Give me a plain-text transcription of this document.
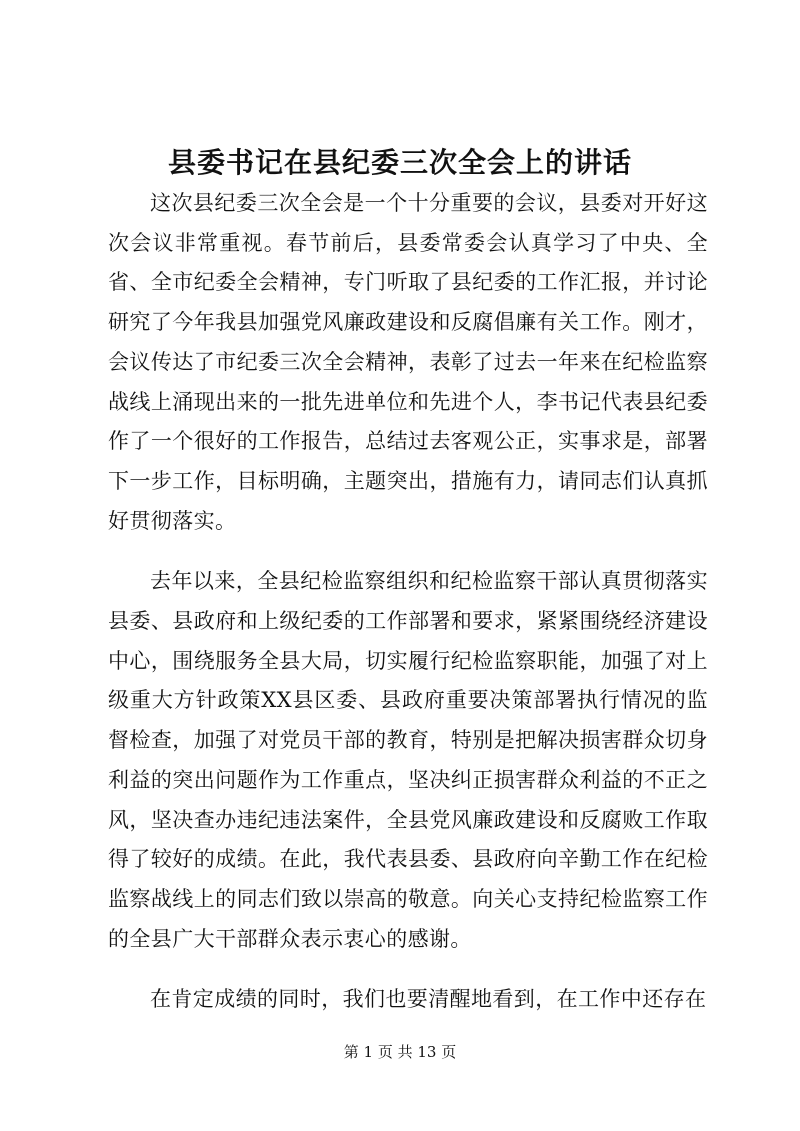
县委书记在县纪委三次全会上的讲话

这次县纪委三次全会是一个十分重要的会议，县委对开好这次会议非常重视。春节前后，县委常委会认真学习了中央、全省、全市纪委全会精神，专门听取了县纪委的工作汇报，并讨论研究了今年我县加强党风廉政建设和反腐倡廉有关工作。刚才，会议传达了市纪委三次全会精神，表彰了过去一年来在纪检监察战线上涌现出来的一批先进单位和先进个人，李书记代表县纪委作了一个很好的工作报告，总结过去客观公正，实事求是，部署下一步工作，目标明确，主题突出，措施有力，请同志们认真抓好贯彻落实。

去年以来，全县纪检监察组织和纪检监察干部认真贯彻落实县委、县政府和上级纪委的工作部署和要求，紧紧围绕经济建设中心，围绕服务全县大局，切实履行纪检监察职能，加强了对上级重大方针政策XX县区委、县政府重要决策部署执行情况的监督检查，加强了对党员干部的教育，特别是把解决损害群众切身利益的突出问题作为工作重点，坚决纠正损害群众利益的不正之风，坚决查办违纪违法案件，全县党风廉政建设和反腐败工作取得了较好的成绩。在此，我代表县委、县政府向辛勤工作在纪检监察战线上的同志们致以崇高的敬意。向关心支持纪检监察工作的全县广大干部群众表示衷心的感谢。

在肯定成绩的同时，我们也要清醒地看到，在工作中还存在

第 1 页 共 13 页
